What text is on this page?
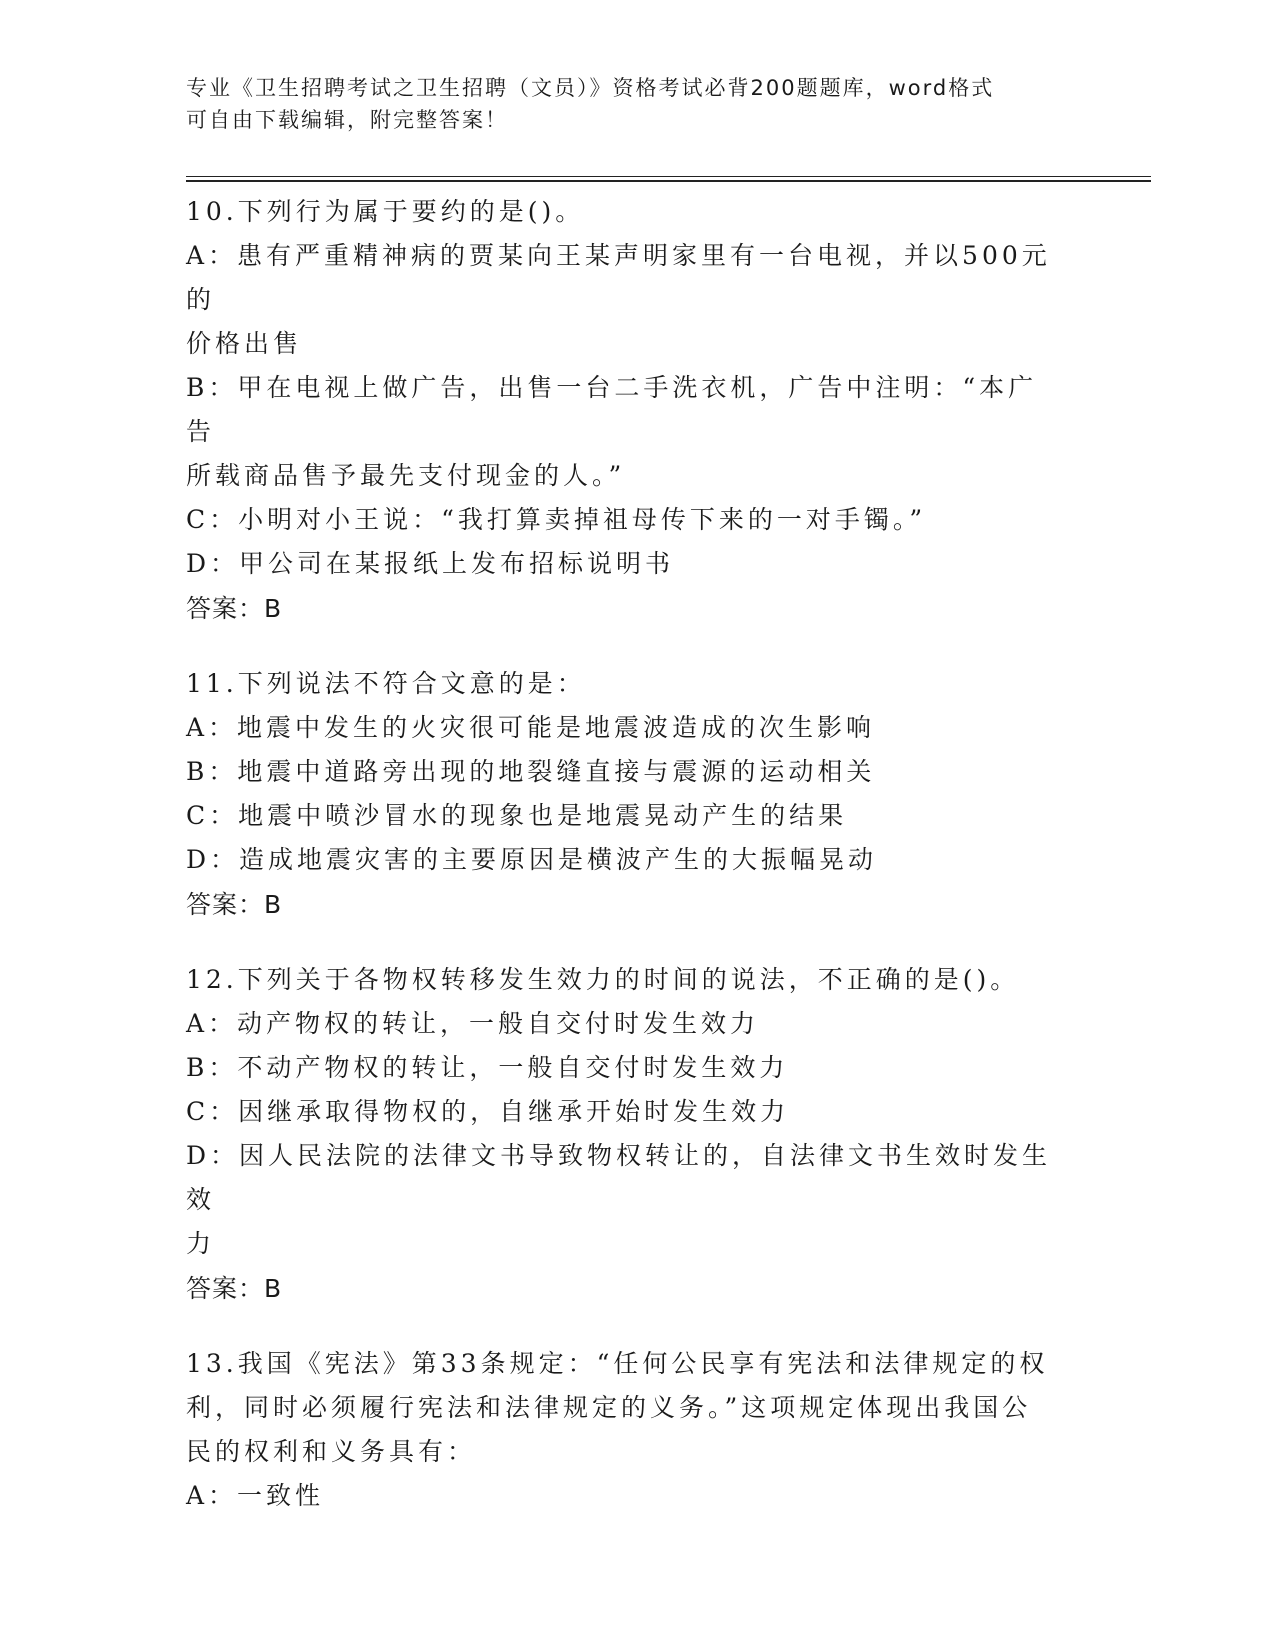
专业《卫生招聘考试之卫生招聘（文员）》资格考试必背200题题库，word格式
可自由下载编辑，附完整答案！
10.下列行为属于要约的是()。
A：患有严重精神病的贾某向王某声明家里有一台电视，并以500元的
价格出售
B：甲在电视上做广告，出售一台二手洗衣机，广告中注明：“本广告
所载商品售予最先支付现金的人。”
C：小明对小王说：“我打算卖掉祖母传下来的一对手镯。”
D：甲公司在某报纸上发布招标说明书
答案：B
11.下列说法不符合文意的是：
A：地震中发生的火灾很可能是地震波造成的次生影响
B：地震中道路旁出现的地裂缝直接与震源的运动相关
C：地震中喷沙冒水的现象也是地震晃动产生的结果
D：造成地震灾害的主要原因是横波产生的大振幅晃动
答案：B
12.下列关于各物权转移发生效力的时间的说法，不正确的是()。
A：动产物权的转让，一般自交付时发生效力
B：不动产物权的转让，一般自交付时发生效力
C：因继承取得物权的，自继承开始时发生效力
D：因人民法院的法律文书导致物权转让的，自法律文书生效时发生效
力
答案：B
13.我国《宪法》第33条规定：“任何公民享有宪法和法律规定的权
利，同时必须履行宪法和法律规定的义务。”这项规定体现出我国公
民的权利和义务具有：
A：一致性
